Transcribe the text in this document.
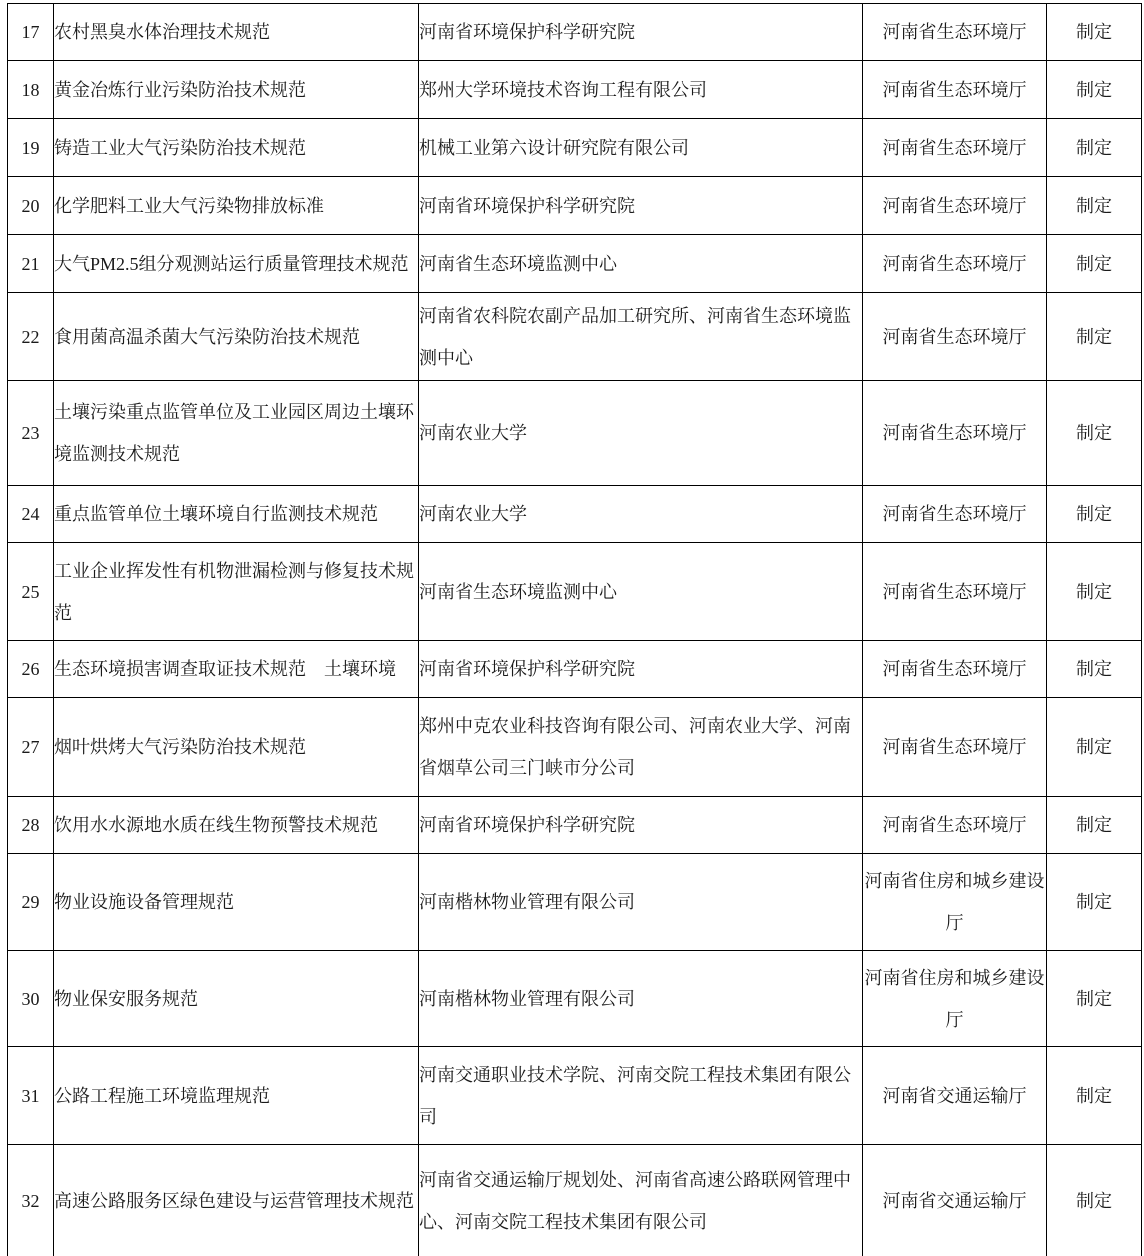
17	农村黑臭水体治理技术规范	河南省环境保护科学研究院	河南省生态环境厅	制定
18	黄金冶炼行业污染防治技术规范	郑州大学环境技术咨询工程有限公司	河南省生态环境厅	制定
19	铸造工业大气污染防治技术规范	机械工业第六设计研究院有限公司	河南省生态环境厅	制定
20	化学肥料工业大气污染物排放标准	河南省环境保护科学研究院	河南省生态环境厅	制定
21	大气PM2.5组分观测站运行质量管理技术规范	河南省生态环境监测中心	河南省生态环境厅	制定
22	食用菌高温杀菌大气污染防治技术规范	河南省农科院农副产品加工研究所、河南省生态环境监测中心	河南省生态环境厅	制定
23	土壤污染重点监管单位及工业园区周边土壤环境监测技术规范	河南农业大学	河南省生态环境厅	制定
24	重点监管单位土壤环境自行监测技术规范	河南农业大学	河南省生态环境厅	制定
25	工业企业挥发性有机物泄漏检测与修复技术规范	河南省生态环境监测中心	河南省生态环境厅	制定
26	生态环境损害调查取证技术规范　土壤环境	河南省环境保护科学研究院	河南省生态环境厅	制定
27	烟叶烘烤大气污染防治技术规范	郑州中克农业科技咨询有限公司、河南农业大学、河南省烟草公司三门峡市分公司	河南省生态环境厅	制定
28	饮用水水源地水质在线生物预警技术规范	河南省环境保护科学研究院	河南省生态环境厅	制定
29	物业设施设备管理规范	河南楷林物业管理有限公司	河南省住房和城乡建设厅	制定
30	物业保安服务规范	河南楷林物业管理有限公司	河南省住房和城乡建设厅	制定
31	公路工程施工环境监理规范	河南交通职业技术学院、河南交院工程技术集团有限公司	河南省交通运输厅	制定
32	高速公路服务区绿色建设与运营管理技术规范	河南省交通运输厅规划处、河南省高速公路联网管理中心、河南交院工程技术集团有限公司	河南省交通运输厅	制定
